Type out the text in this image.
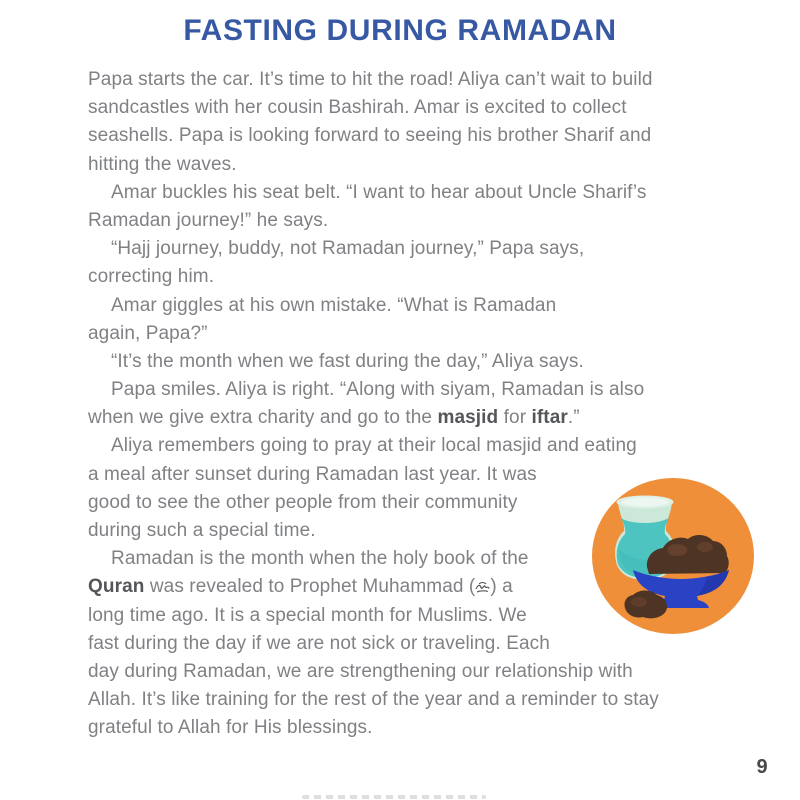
FASTING DURING RAMADAN
Papa starts the car. It’s time to hit the road! Aliya can’t wait to build
sandcastles with her cousin Bashirah. Amar is excited to collect
seashells. Papa is looking forward to seeing his brother Sharif and
hitting the waves.
Amar buckles his seat belt. “I want to hear about Uncle Sharif’s
Ramadan journey!” he says.
“Hajj journey, buddy, not Ramadan journey,” Papa says,
correcting him.
Amar giggles at his own mistake. “What is Ramadan
again, Papa?”
“It’s the month when we fast during the day,” Aliya says.
Papa smiles. Aliya is right. “Along with siyam, Ramadan is also
when we give extra charity and go to the masjid for iftar.”
Aliya remembers going to pray at their local masjid and eating
a meal after sunset during Ramadan last year. It was
good to see the other people from their community
during such a special time.
Ramadan is the month when the holy book of the
Quran was revealed to Prophet Muhammad ( ) a
long time ago. It is a special month for Muslims. We
fast during the day if we are not sick or traveling. Each
day during Ramadan, we are strengthening our relationship with
Allah. It’s like training for the rest of the year and a reminder to stay
grateful to Allah for His blessings.
9
